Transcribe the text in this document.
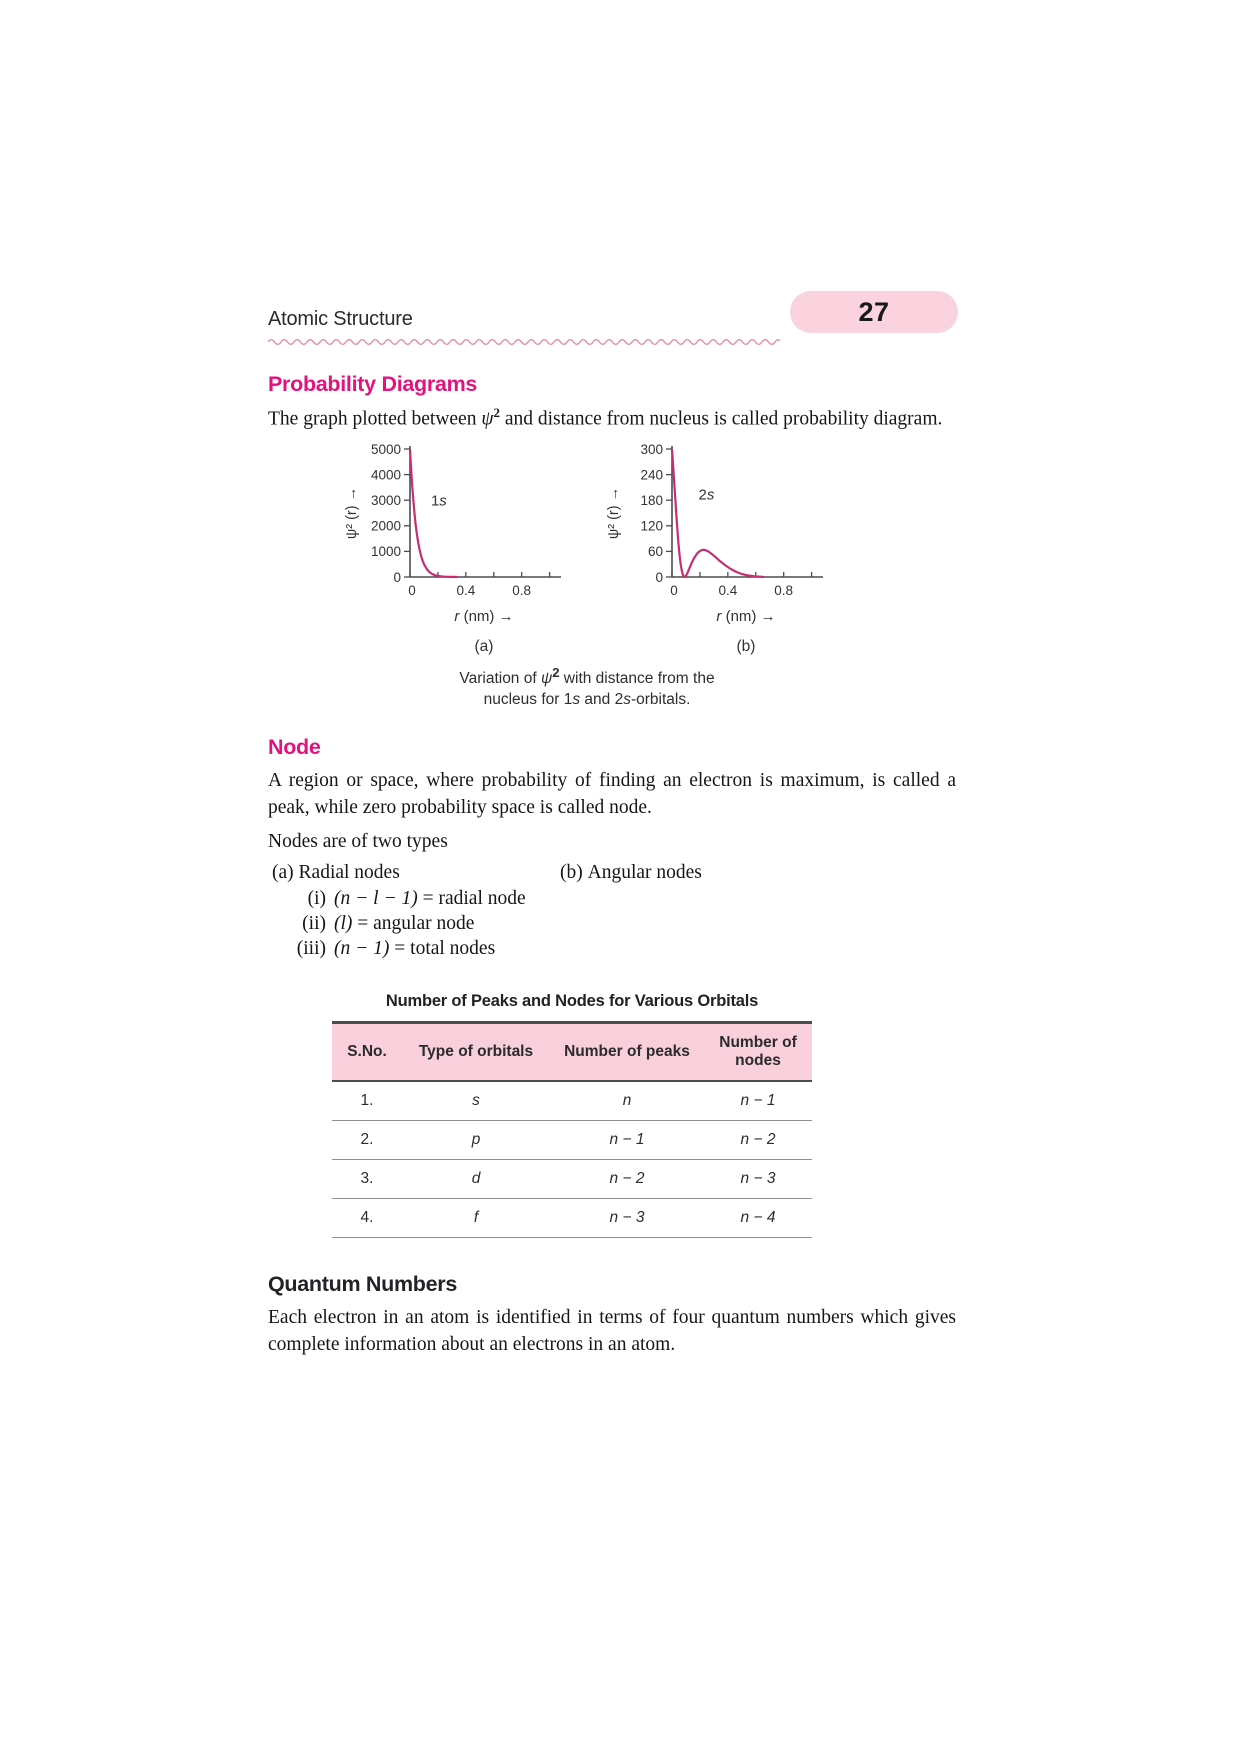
Atomic Structure	27
Probability Diagrams

The graph plotted between $\psi^2$ and distance from nucleus is called probability diagram.

0
1000
2000
3000
4000
5000
0	0.4	0.8
1s
r (nm) →
ψ² (r) →
(a)
0
60
120
180
240
300
0	0.4	0.8
2s
r (nm) →
ψ² (r) →
(b)
Variation of $\psi^2$ with distance from the nucleus for 1s and 2s-orbitals.
Node

A region or space, where probability of finding an electron is maximum, is called a peak, while zero probability space is called node.

Nodes are of two types

(a) Radial nodes	(b) Angular nodes
(i) (n − l − 1) = radial node
(ii) (l) = angular node
(iii) (n − 1) = total nodes
Number of Peaks and Nodes for Various Orbitals
S.No.	Type of orbitals	Number of peaks	Number of nodes
1.	s	n	n − 1
2.	p	n − 1	n − 2
3.	d	n − 2	n − 3
4.	f	n − 3	n − 4
Quantum Numbers

Each electron in an atom is identified in terms of four quantum numbers which gives complete information about an electrons in an atom.
